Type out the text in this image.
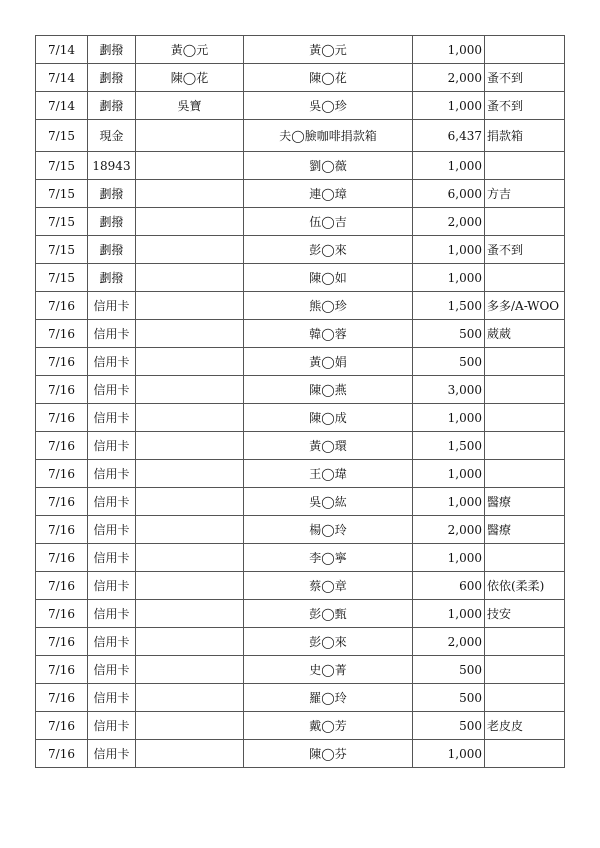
7/14	劃撥	黃◯元	黃◯元	1,000	
7/14	劃撥	陳◯花	陳◯花	2,000	蚤不到
7/14	劃撥	吳寶	吳◯珍	1,000	蚤不到
7/15	現金		夫◯臉咖啡捐款箱	6,437	捐款箱
7/15	18943		劉◯薇	1,000	
7/15	劃撥		連◯璋	6,000	方吉
7/15	劃撥		伍◯吉	2,000	
7/15	劃撥		彭◯來	1,000	蚤不到
7/15	劃撥		陳◯如	1,000	
7/16	信用卡		熊◯珍	1,500	多多/A-WOO
7/16	信用卡		韓◯蓉	500	葳葳
7/16	信用卡		黃◯娟	500	
7/16	信用卡		陳◯燕	3,000	
7/16	信用卡		陳◯成	1,000	
7/16	信用卡		黃◯環	1,500	
7/16	信用卡		王◯瑋	1,000	
7/16	信用卡		吳◯紘	1,000	醫療
7/16	信用卡		楊◯玲	2,000	醫療
7/16	信用卡		李◯寧	1,000	
7/16	信用卡		蔡◯章	600	依依(柔柔)
7/16	信用卡		彭◯甄	1,000	技安
7/16	信用卡		彭◯來	2,000	
7/16	信用卡		史◯菁	500	
7/16	信用卡		羅◯玲	500	
7/16	信用卡		戴◯芳	500	老皮皮
7/16	信用卡		陳◯芬	1,000	
